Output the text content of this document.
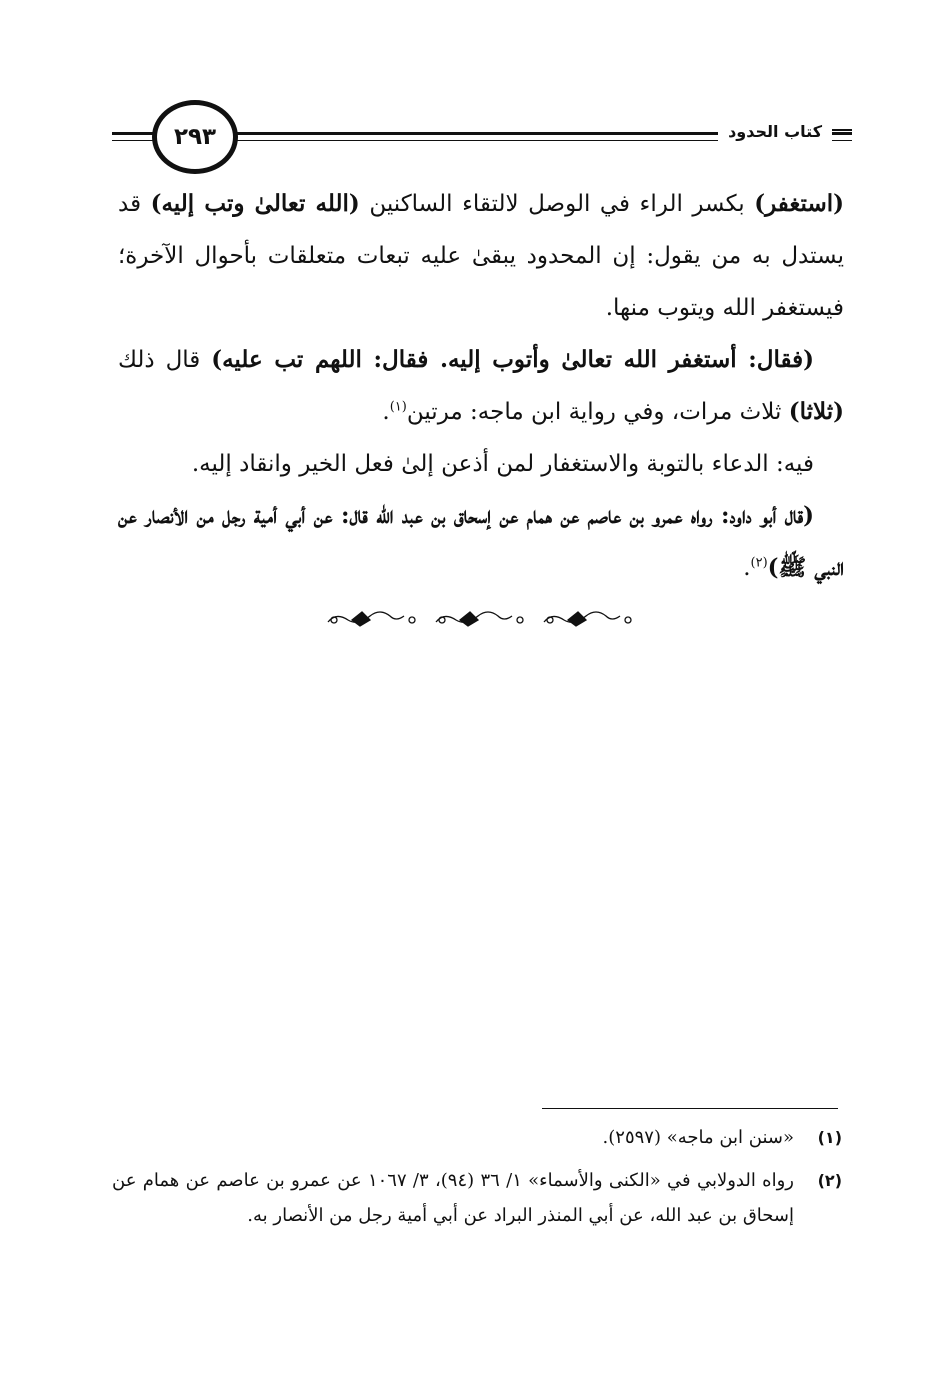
كتاب الحدود
٢٩٣

(استغفر) بكسر الراء في الوصل لالتقاء الساكنين (الله تعالىٰ وتب إليه) قد يستدل به من يقول: إن المحدود يبقىٰ عليه تبعات متعلقات بأحوال الآخرة؛ فيستغفر الله ويتوب منها.

(فقال: أستغفر الله تعالىٰ وأتوب إليه. فقال: اللهم تب عليه) قال ذلك (ثلاثا) ثلاث مرات، وفي رواية ابن ماجه: مرتين$^{(١)}$.

فيه: الدعاء بالتوبة والاستغفار لمن أذعن إلىٰ فعل الخير وانقاد إليه.

(قال أبو داود: رواه عمرو بن عاصم عن همام عن إسحاق بن عبد الله قال: عن أبي أمية رجل من الأنصار عن النبي ﷺ)$^{(٢)}$.

(١)
«سنن ابن ماجه» (٢٥٩٧).
(٢)
رواه الدولابي في «الكنى والأسماء» ١/ ٣٦ (٩٤)، ٣/ ١٠٦٧ عن عمرو بن عاصم عن همام عن إسحاق بن عبد الله، عن أبي المنذر البراد عن أبي أمية رجل من الأنصار به.
